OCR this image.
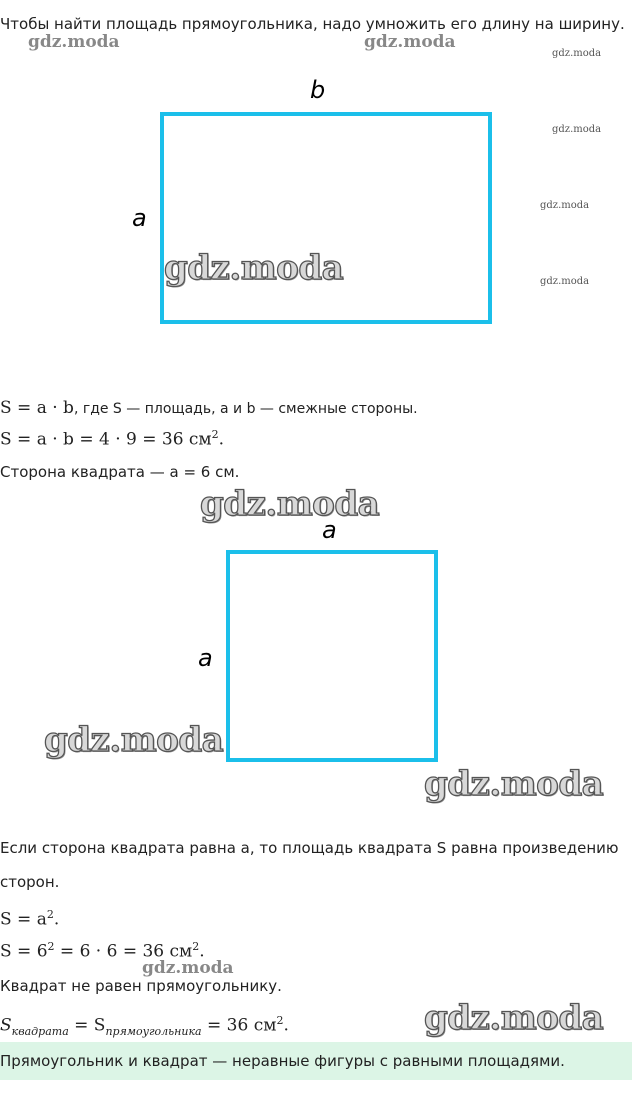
Чтобы найти площадь прямоугольника, надо умножить его длину на ширину.
gdz.moda	gdz.moda
gdz.moda
gdz.moda
gdz.moda
gdz.moda
b
a
gdz.moda
S = a · b, где S — площадь, a и b — смежные стороны.
S = a · b = 4 · 9 = 36 $см^2$.
Сторона квадрата — a = 6 см.
gdz.moda
a
a
gdz.moda
gdz.moda
Если сторона квадрата равна a, то площадь квадрата S равна произведению
сторон.
$S = a^2$.
$S = 6^2 = 6 \cdot 6 = 36$ $см^2$.
gdz.moda
Квадрат не равен прямоугольнику.
$S_{квадрата} = S_{прямоугольника} = 36$ $см^2$.	gdz.moda
Прямоугольник и квадрат — неравные фигуры с равными площадями.
